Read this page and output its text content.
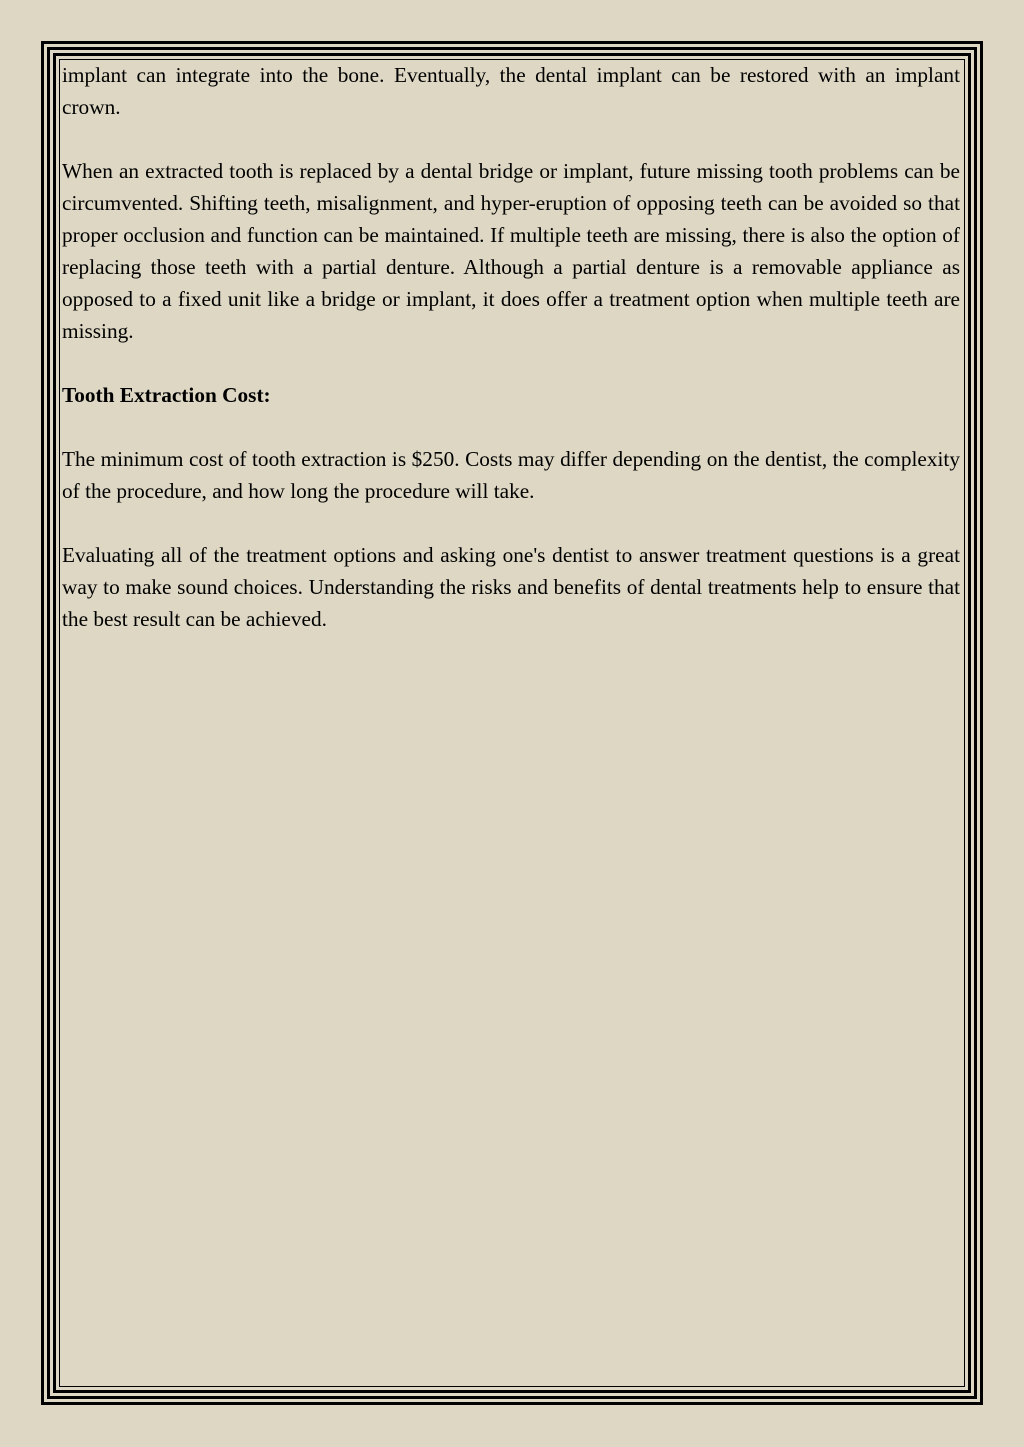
implant can integrate into the bone. Eventually, the dental implant can be restored with an implant crown.

When an extracted tooth is replaced by a dental bridge or implant, future missing tooth problems can be circumvented. Shifting teeth, misalignment, and hyper-eruption of opposing teeth can be avoided so that proper occlusion and function can be maintained. If multiple teeth are missing, there is also the option of replacing those teeth with a partial denture. Although a partial denture is a removable appliance as opposed to a fixed unit like a bridge or implant, it does offer a treatment option when multiple teeth are missing.

Tooth Extraction Cost:

The minimum cost of tooth extraction is $250. Costs may differ depending on the dentist, the complexity of the procedure, and how long the procedure will take.

Evaluating all of the treatment options and asking one's dentist to answer treatment questions is a great way to make sound choices. Understanding the risks and benefits of dental treatments help to ensure that the best result can be achieved.
